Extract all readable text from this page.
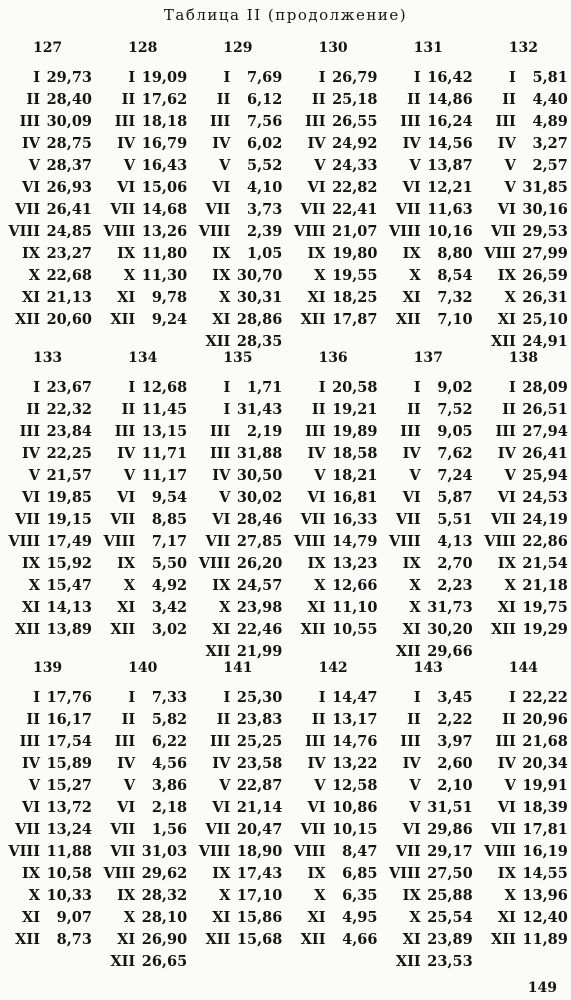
Таблица II (продолжение)
127
I 29,73
II 28,40
III 30,09
IV 28,75
V 28,37
VI 26,93
VII 26,41
VIII 24,85
IX 23,27
X 22,68
XI 21,13
XII 20,60
128
I 19,09
II 17,62
III 18,18
IV 16,79
V 16,43
VI 15,06
VII 14,68
VIII 13,26
IX 11,80
X 11,30
XI	9,78
XII	9,24
129
I	7,69
II	6,12
III	7,56
IV	6,02
V	5,52
VI	4,10
VII	3,73
VIII	2,39
IX	1,05
IX 30,70
X 30,31
XI 28,86
XII 28,35
130
I 26,79
II 25,18
III 26,55
IV 24,92
V 24,33
VI 22,82
VII 22,41
VIII 21,07
IX 19,80
X 19,55
XI 18,25
XII 17,87
131
I 16,42
II 14,86
III 16,24
IV 14,56
V 13,87
VI 12,21
VII 11,63
VIII 10,16
IX	8,80
X	8,54
XI	7,32
XII	7,10
132
I	5,81
II	4,40
III	4,89
IV	3,27
V	2,57
V 31,85
VI 30,16
VII 29,53
VIII 27,99
IX 26,59
X 26,31
XI 25,10
XII 24,91
133
I 23,67
II 22,32
III 23,84
IV 22,25
V 21,57
VI 19,85
VII 19,15
VIII 17,49
IX 15,92
X 15,47
XI 14,13
XII 13,89
134
I 12,68
II 11,45
III 13,15
IV 11,71
V 11,17
VI	9,54
VII	8,85
VIII	7,17
IX	5,50
X	4,92
XI	3,42
XII	3,02
135
I	1,71
I 31,43
III	2,19
III 31,88
IV 30,50
V 30,02
VI 28,46
VII 27,85
VIII 26,20
IX 24,57
X 23,98
XI 22,46
XII 21,99
136
I 20,58
II 19,21
III 19,89
IV 18,58
V 18,21
VI 16,81
VII 16,33
VIII 14,79
IX 13,23
X 12,66
XI 11,10
XII 10,55
137
I	9,02
II	7,52
III	9,05
IV	7,62
V	7,24
VI	5,87
VII	5,51
VIII	4,13
IX	2,70
X	2,23
X 31,73
XI 30,20
XII 29,66
138
I 28,09
II 26,51
III 27,94
IV 26,41
V 25,94
VI 24,53
VII 24,19
VIII 22,86
IX 21,54
X 21,18
XI 19,75
XII 19,29
139
I 17,76
II 16,17
III 17,54
IV 15,89
V 15,27
VI 13,72
VII 13,24
VIII 11,88
IX 10,58
X 10,33
XI	9,07
XII	8,73
140
I	7,33
II	5,82
III	6,22
IV	4,56
V	3,86
VI	2,18
VII	1,56
VII 31,03
VIII 29,62
IX 28,32
X 28,10
XI 26,90
XII 26,65
141
I 25,30
II 23,83
III 25,25
IV 23,58
V 22,87
VI 21,14
VII 20,47
VIII 18,90
IX 17,43
X 17,10
XI 15,86
XII 15,68
142
I 14,47
II 13,17
III 14,76
IV 13,22
V 12,58
VI 10,86
VII 10,15
VIII	8,47
IX	6,85
X	6,35
XI	4,95
XII	4,66
143
I	3,45
II	2,22
III	3,97
IV	2,60
V	2,10
V 31,51
VI 29,86
VII 29,17
VIII 27,50
IX 25,88
X 25,54
XI 23,89
XII 23,53
144
I 22,22
II 20,96
III 21,68
IV 20,34
V 19,91
VI 18,39
VII 17,81
VIII 16,19
IX 14,55
X 13,96
XI 12,40
XII 11,89
149
